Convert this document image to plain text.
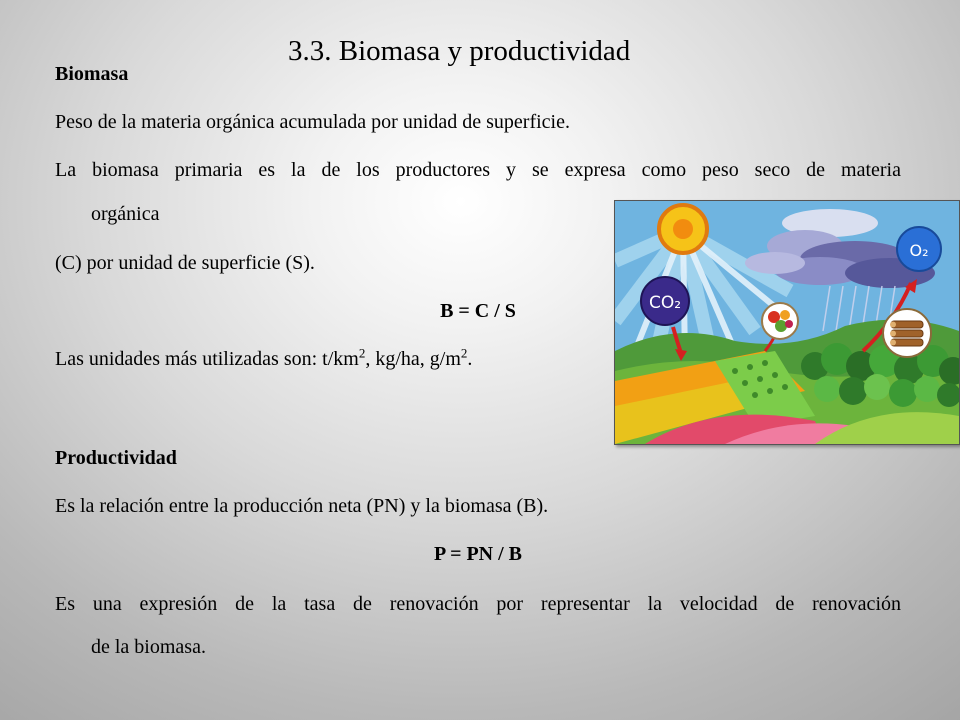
3.3. Biomasa y productividad
Biomasa
Peso de la materia orgánica acumulada por unidad de superficie.
La biomasa primaria es la de los productores y se expresa como peso seco de materia
orgánica
(C) por unidad de superficie (S).
B = C / S
Las unidades más utilizadas son: $t/km^2$, kg/ha, $g/m^2$.
Productividad
Es la relación entre la producción neta (PN) y la biomasa (B).
P = PN / B
Es una expresión de la tasa de renovación por representar la velocidad de renovación
de la biomasa.
CO₂
O₂
